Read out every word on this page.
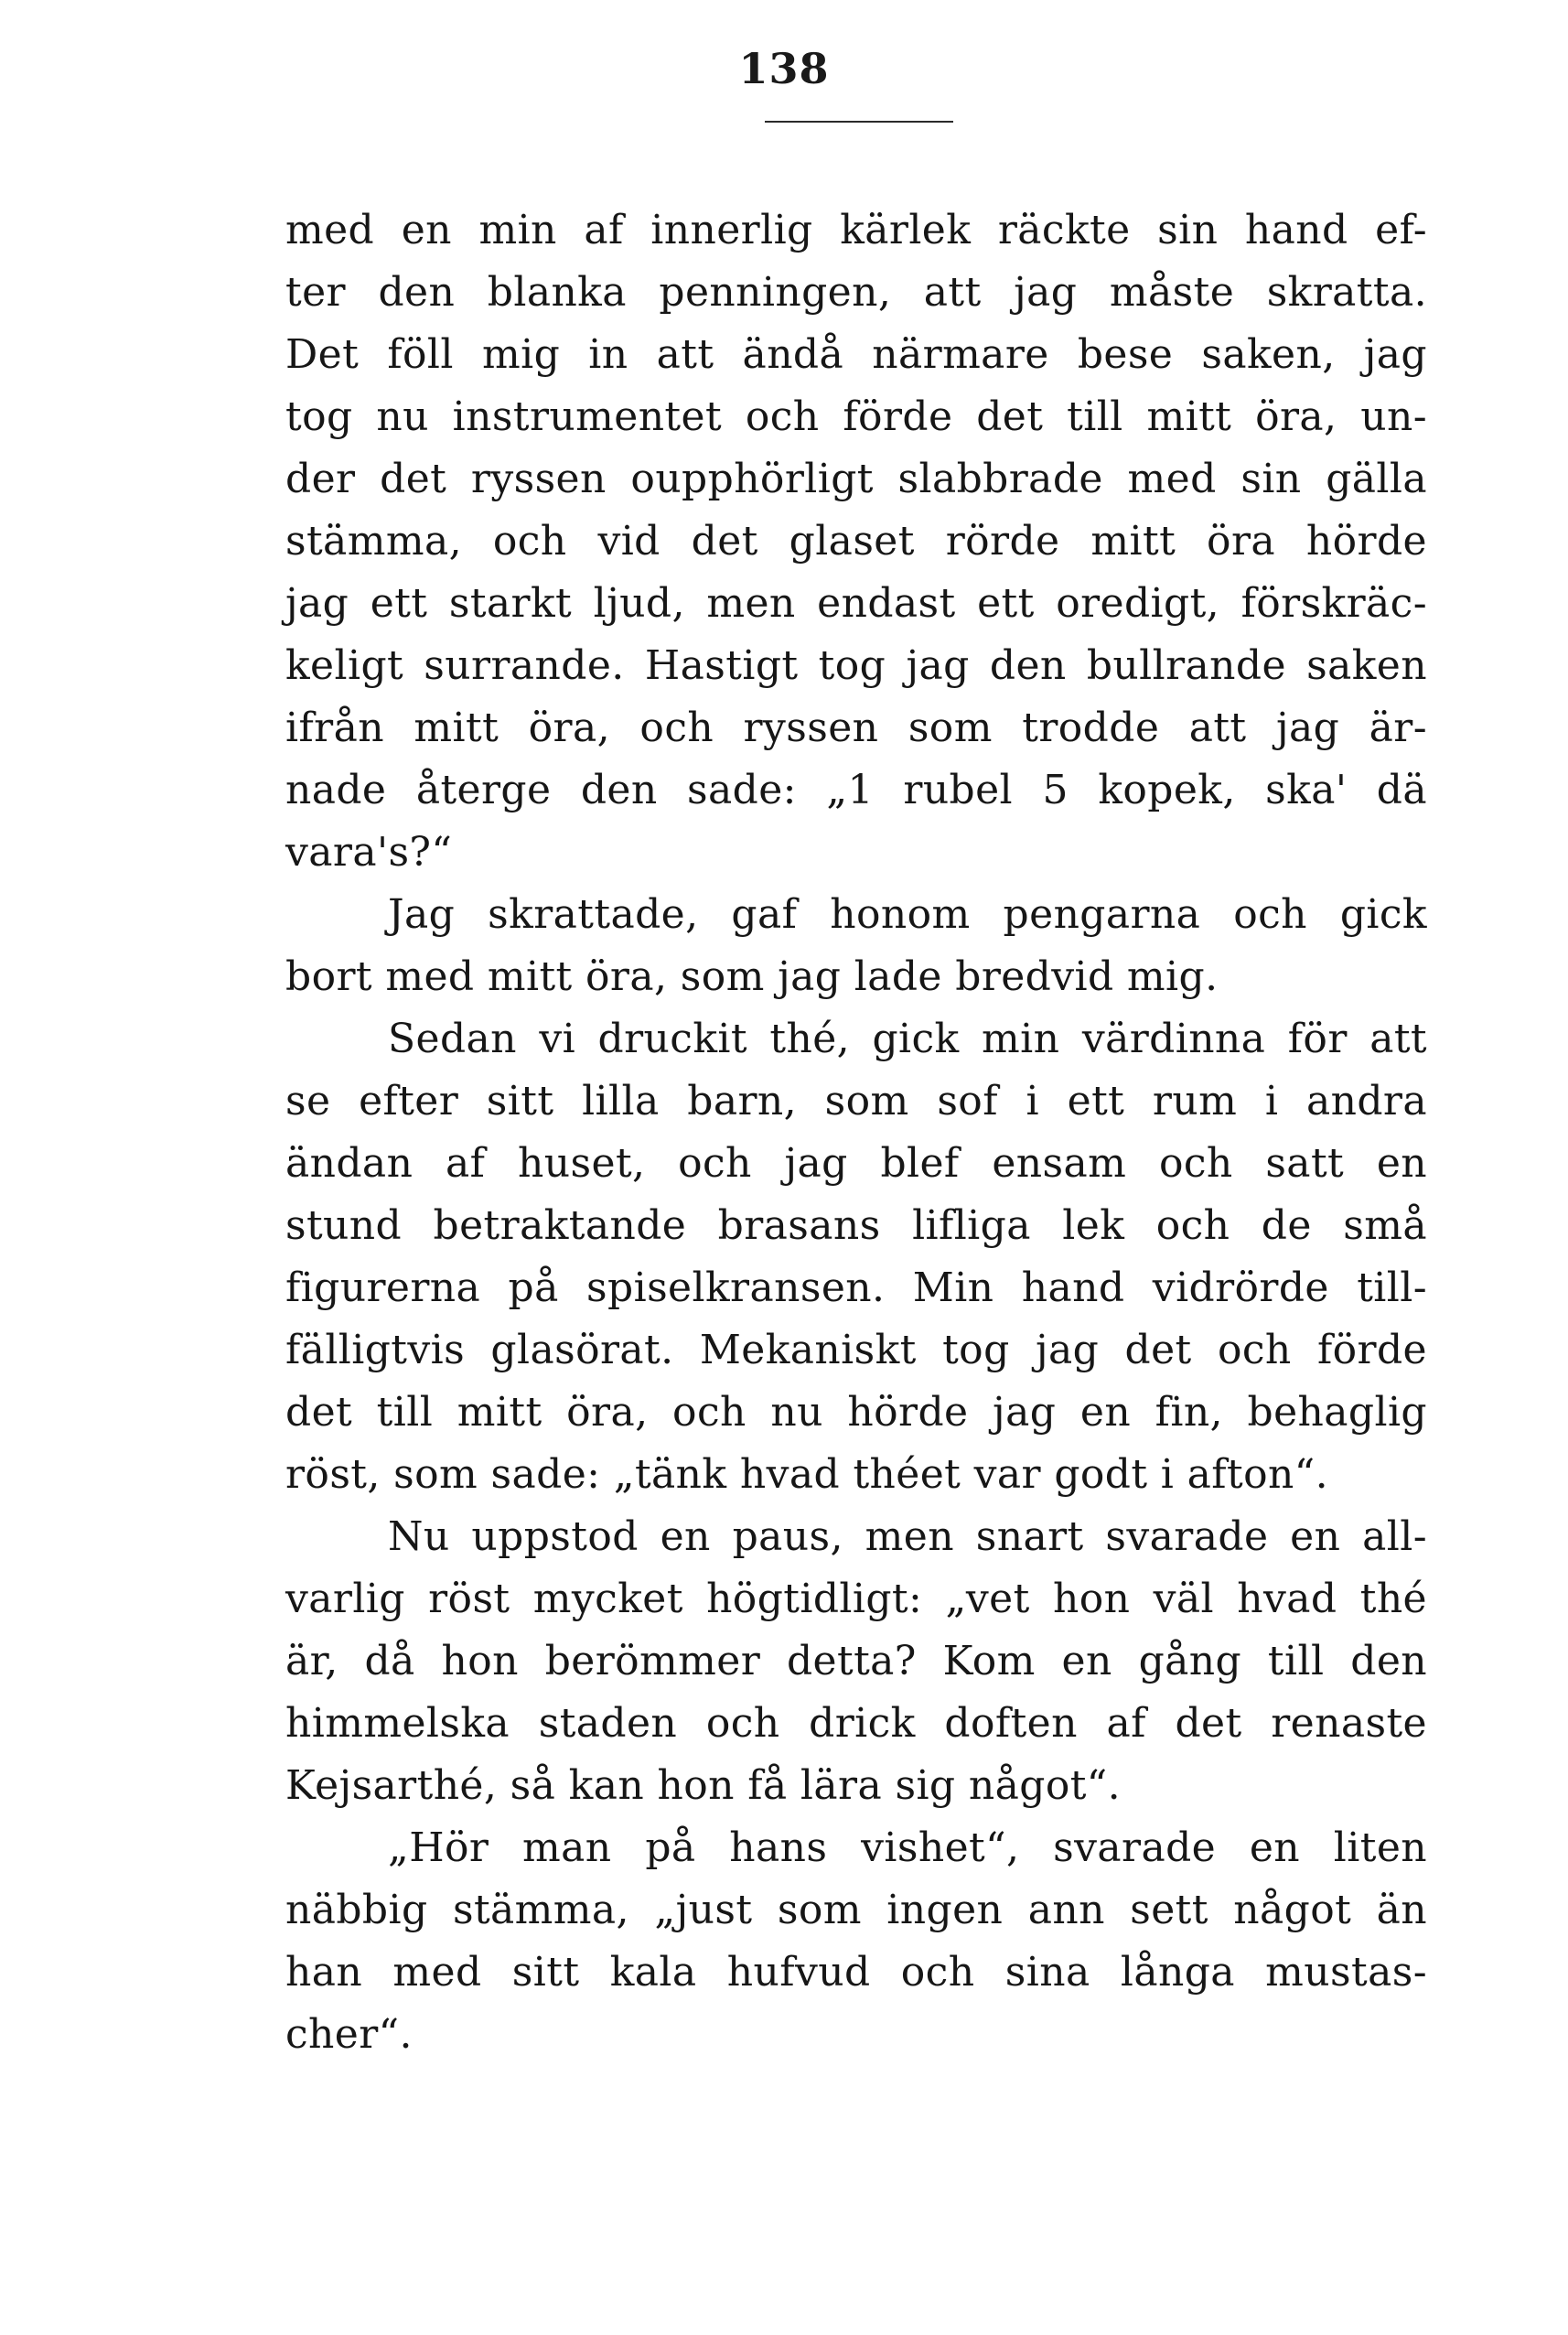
138
med en min af innerlig kärlek räckte sin hand ef-
ter den blanka penningen, att jag måste skratta.
Det föll mig in att ändå närmare bese saken, jag
tog nu instrumentet och förde det till mitt öra, un-
der det ryssen oupphörligt slabbrade med sin gälla
stämma, och vid det glaset rörde mitt öra hörde
jag ett starkt ljud, men endast ett oredigt, förskräc-
keligt surrande. Hastigt tog jag den bullrande saken
ifrån mitt öra, och ryssen som trodde att jag är-
nade återge den sade: „1 rubel 5 kopek, ska' dä
vara's?“
Jag skrattade, gaf honom pengarna och gick
bort med mitt öra, som jag lade bredvid mig.
Sedan vi druckit thé, gick min värdinna för att
se efter sitt lilla barn, som sof i ett rum i andra
ändan af huset, och jag blef ensam och satt en
stund betraktande brasans lifliga lek och de små
figurerna på spiselkransen. Min hand vidrörde till-
fälligtvis glasörat. Mekaniskt tog jag det och förde
det till mitt öra, och nu hörde jag en fin, behaglig
röst, som sade: „tänk hvad théet var godt i afton“.
Nu uppstod en paus, men snart svarade en all-
varlig röst mycket högtidligt: „vet hon väl hvad thé
är, då hon berömmer detta? Kom en gång till den
himmelska staden och drick doften af det renaste
Kejsarthé, så kan hon få lära sig något“.
„Hör man på hans vishet“, svarade en liten
näbbig stämma, „just som ingen ann sett något än
han med sitt kala hufvud och sina långa mustas-
cher“.
